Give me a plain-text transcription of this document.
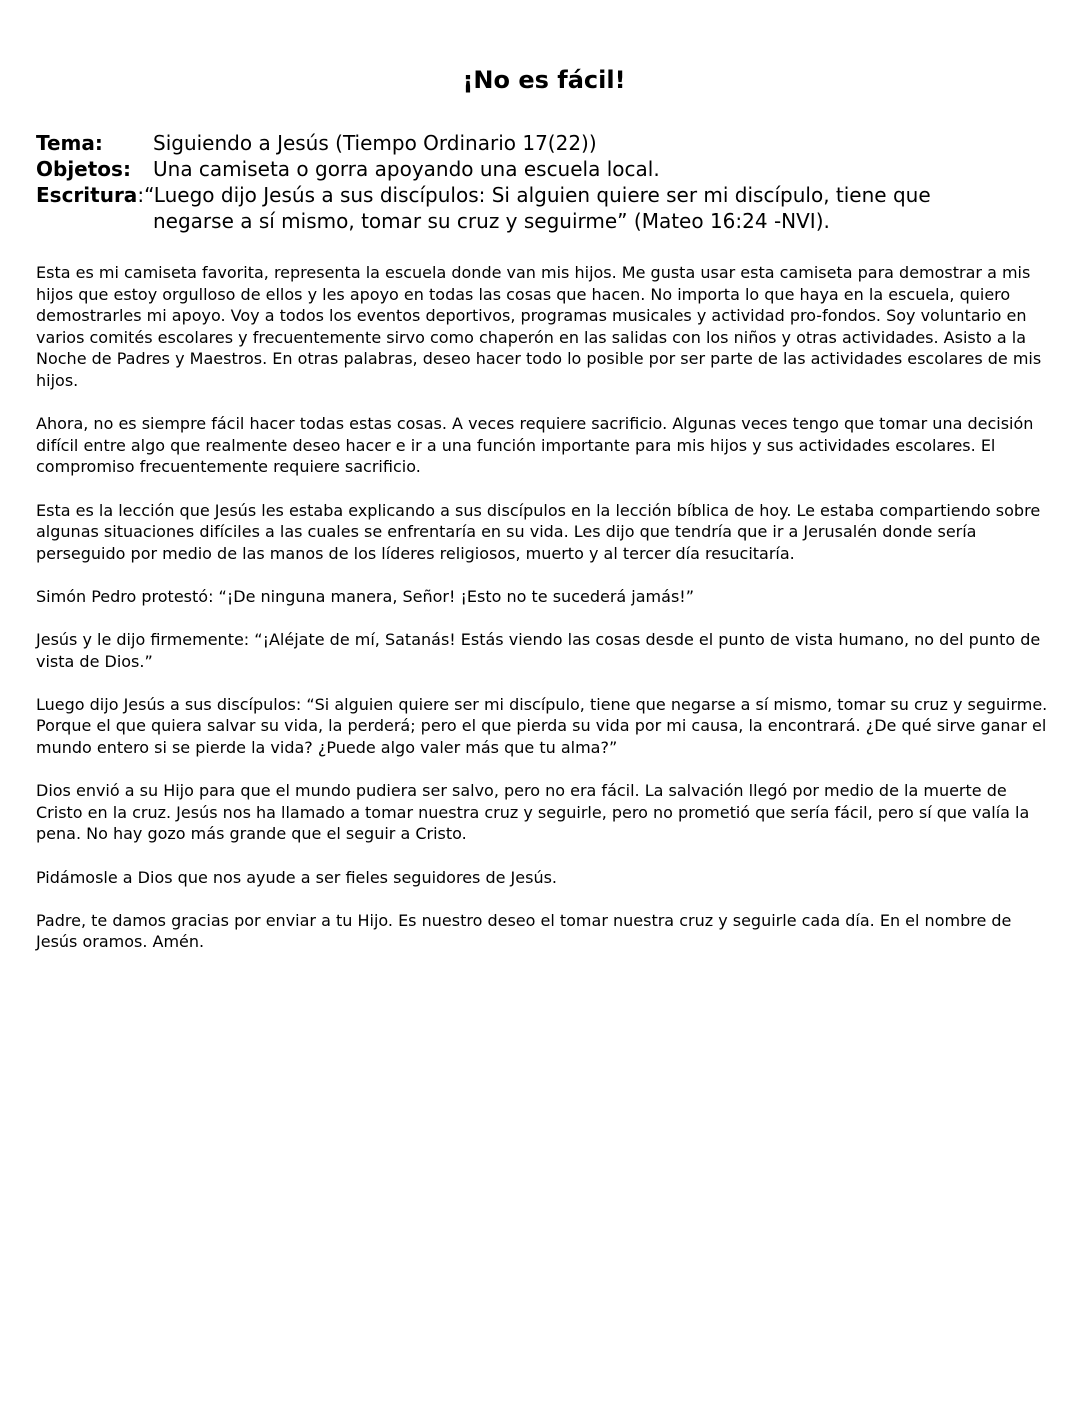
¡No es fácil!
Tema:	Siguiendo a Jesús (Tiempo Ordinario 17(22))
Objetos:	Una camiseta o gorra apoyando una escuela local.
Escritura:“Luego dijo Jesús a sus discípulos: Si alguien quiere ser mi discípulo, tiene que
negarse a sí mismo, tomar su cruz y seguirme” (Mateo 16:24 -NVI).

Esta es mi camiseta favorita, representa la escuela donde van mis hijos. Me gusta usar esta camiseta para demostrar a mis hijos que estoy orgulloso de ellos y les apoyo en todas las cosas que hacen. No importa lo que haya en la escuela, quiero demostrarles mi apoyo. Voy a todos los eventos deportivos, programas musicales y actividad pro-fondos. Soy voluntario en varios comités escolares y frecuentemente sirvo como chaperón en las salidas con los niños y otras actividades. Asisto a la Noche de Padres y Maestros. En otras palabras, deseo hacer todo lo posible por ser parte de las actividades escolares de mis hijos.

Ahora, no es siempre fácil hacer todas estas cosas. A veces requiere sacrificio. Algunas veces tengo que tomar una decisión difícil entre algo que realmente deseo hacer e ir a una función importante para mis hijos y sus actividades escolares. El compromiso frecuentemente requiere sacrificio.

Esta es la lección que Jesús les estaba explicando a sus discípulos en la lección bíblica de hoy. Le estaba compartiendo sobre algunas situaciones difíciles a las cuales se enfrentaría en su vida. Les dijo que tendría que ir a Jerusalén donde sería perseguido por medio de las manos de los líderes religiosos, muerto y al tercer día resucitaría.

Simón Pedro protestó: “¡De ninguna manera, Señor! ¡Esto no te sucederá jamás!”

Jesús y le dijo firmemente: “¡Aléjate de mí, Satanás! Estás viendo las cosas desde el punto de vista humano, no del punto de vista de Dios.”

Luego dijo Jesús a sus discípulos: “Si alguien quiere ser mi discípulo, tiene que negarse a sí mismo, tomar su cruz y seguirme. Porque el que quiera salvar su vida, la perderá; pero el que pierda su vida por mi causa, la encontrará. ¿De qué sirve ganar el mundo entero si se pierde la vida? ¿Puede algo valer más que tu alma?”

Dios envió a su Hijo para que el mundo pudiera ser salvo, pero no era fácil. La salvación llegó por medio de la muerte de Cristo en la cruz. Jesús nos ha llamado a tomar nuestra cruz y seguirle, pero no prometió que sería fácil, pero sí que valía la pena. No hay gozo más grande que el seguir a Cristo.

Pidámosle a Dios que nos ayude a ser fieles seguidores de Jesús.

Padre, te damos gracias por enviar a tu Hijo. Es nuestro deseo el tomar nuestra cruz y seguirle cada día. En el nombre de Jesús oramos. Amén.
